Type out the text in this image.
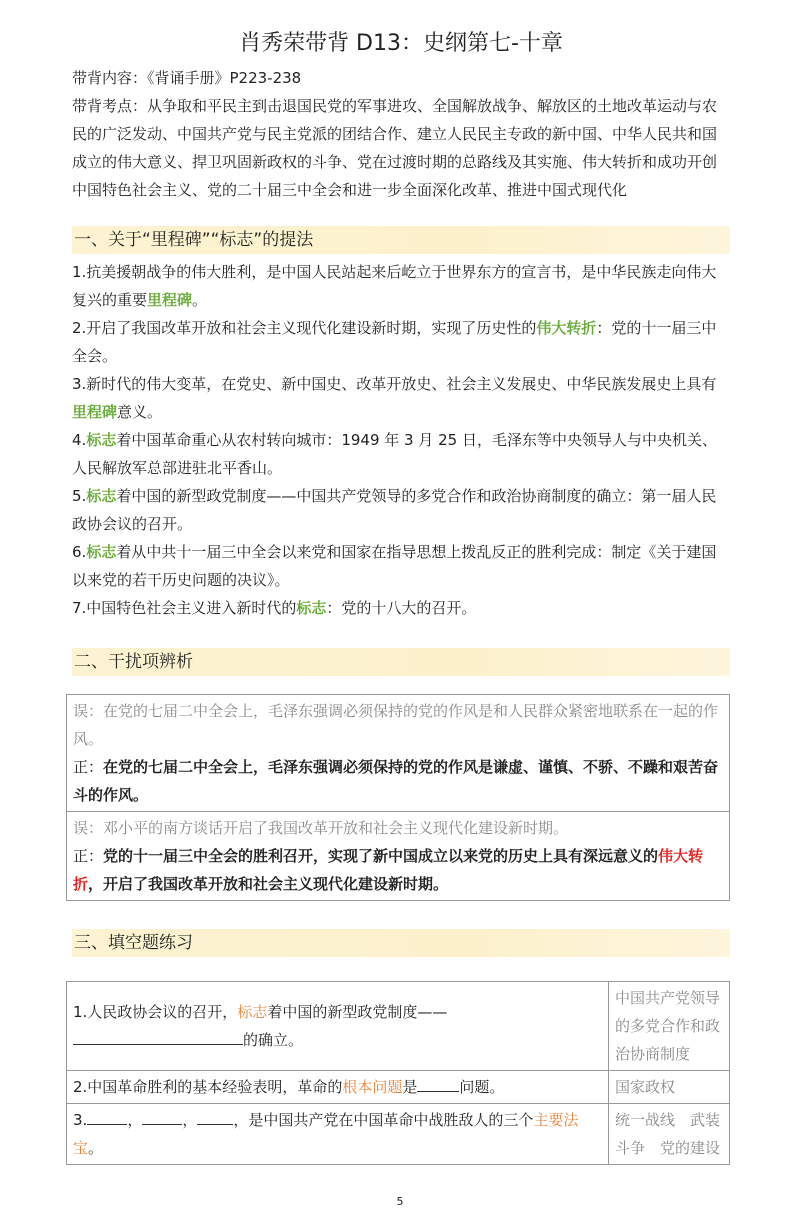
肖秀荣带背 D13：史纲第七-十章
带背内容：《背诵手册》P223-238
带背考点：从争取和平民主到击退国民党的军事进攻、全国解放战争、解放区的土地改革运动与农民的广泛发动、中国共产党与民主党派的团结合作、建立人民民主专政的新中国、中华人民共和国成立的伟大意义、捍卫巩固新政权的斗争、党在过渡时期的总路线及其实施、伟大转折和成功开创中国特色社会主义、党的二十届三中全会和进一步全面深化改革、推进中国式现代化
一、关于“里程碑”“标志”的提法
1.抗美援朝战争的伟大胜利，是中国人民站起来后屹立于世界东方的宣言书，是中华民族走向伟大复兴的重要里程碑。
2.开启了我国改革开放和社会主义现代化建设新时期，实现了历史性的伟大转折：党的十一届三中全会。
3.新时代的伟大变革，在党史、新中国史、改革开放史、社会主义发展史、中华民族发展史上具有里程碑意义。
4.标志着中国革命重心从农村转向城市：1949 年 3 月 25 日，毛泽东等中央领导人与中央机关、人民解放军总部进驻北平香山。
5.标志着中国的新型政党制度——中国共产党领导的多党合作和政治协商制度的确立：第一届人民政协会议的召开。
6.标志着从中共十一届三中全会以来党和国家在指导思想上拨乱反正的胜利完成：制定《关于建国以来党的若干历史问题的决议》。
7.中国特色社会主义进入新时代的标志：党的十八大的召开。
二、干扰项辨析
误：在党的七届二中全会上，毛泽东强调必须保持的党的作风是和人民群众紧密地联系在一起的作风。
正：在党的七届二中全会上，毛泽东强调必须保持的党的作风是谦虚、谨慎、不骄、不躁和艰苦奋斗的作风。

误：邓小平的南方谈话开启了我国改革开放和社会主义现代化建设新时期。
正：党的十一届三中全会的胜利召开，实现了新中国成立以来党的历史上具有深远意义的伟大转折，开启了我国改革开放和社会主义现代化建设新时期。
三、填空题练习
1.人民政协会议的召开，标志着中国的新型政党制度——的确立。	中国共产党领导的多党合作和政治协商制度
2.中国革命胜利的基本经验表明，革命的根本问题是 问题。	国家政权
3. ， ， ，是中国共产党在中国革命中战胜敌人的三个主要法宝。	统一战线　武装斗争　党的建设
5
